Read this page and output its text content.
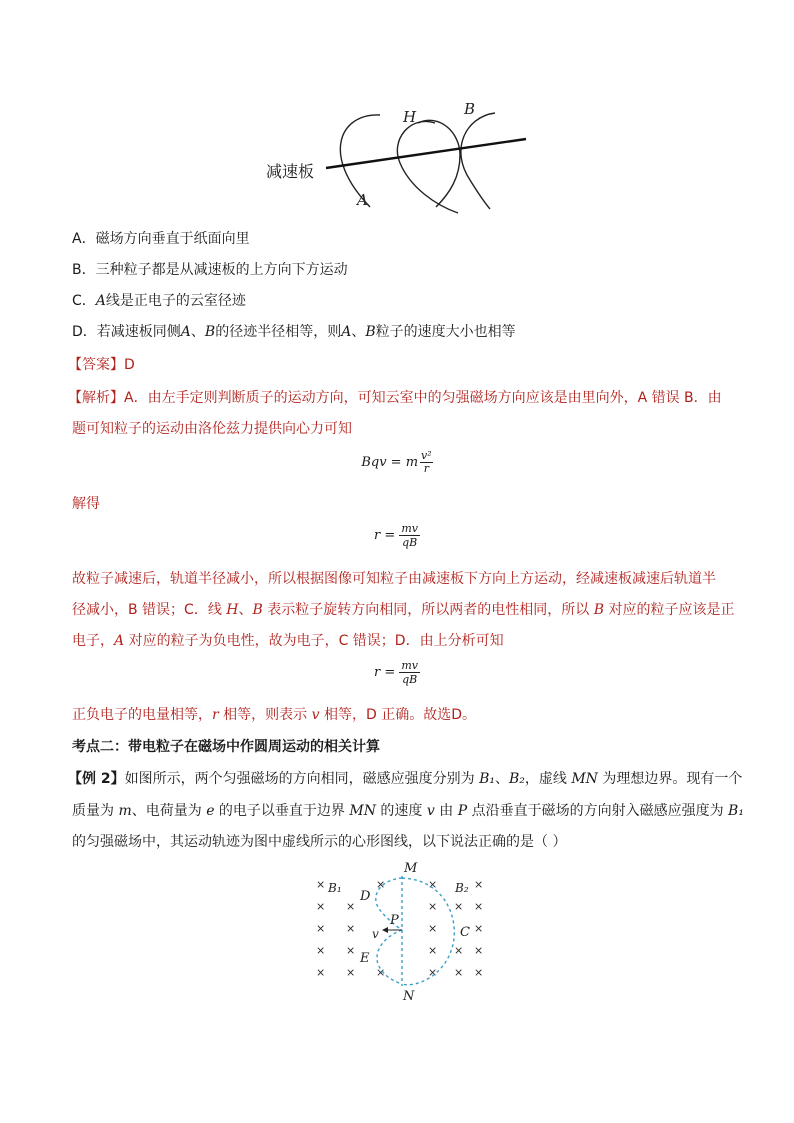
H	B
A
减速板
A．磁场方向垂直于纸面向里
B．三种粒子都是从减速板的上方向下方运动
C．A线是正电子的云室径迹
D．若减速板同侧A、B的径迹半径相等，则A、B粒子的速度大小也相等
【答案】D
【解析】A．由左手定则判断质子的运动方向，可知云室中的匀强磁场方向应该是由里向外，A 错误 B．由
题可知粒子的运动由洛伦兹力提供向心力可知
Bqv = m v²
r
解得
$r = \frac{mv}{qB}$
故粒子减速后，轨道半径减小，所以根据图像可知粒子由减速板下方向上方运动，经减速板减速后轨道半
径减小，B 错误；C．线 H、B 表示粒子旋转方向相同，所以两者的电性相同，所以 B 对应的粒子应该是正
电子，A 对应的粒子为负电性，故为电子，C 错误；D．由上分析可知
$r = \frac{mv}{qB}$
正负电子的电量相等，r 相等，则表示 v 相等，D 正确。故选D。
考点二：带电粒子在磁场中作圆周运动的相关计算
【例 2】如图所示，两个匀强磁场的方向相同，磁感应强度分别为 B₁、B₂，虚线 MN 为理想边界。现有一个
质量为 m、电荷量为 e 的电子以垂直于边界 MN 的速度 v 由 P 点沿垂直于磁场的方向射入磁感应强度为 B₁
的匀强磁场中，其运动轨迹为图中虚线所示的心形图线，以下说法正确的是（ ）
×
×
×
×
×
×
×
×
×
×
×
×
×
×
×
×
×
×
×
×
×
×
×
×
M
N
B₁	B₂
D
P
v	C
E
